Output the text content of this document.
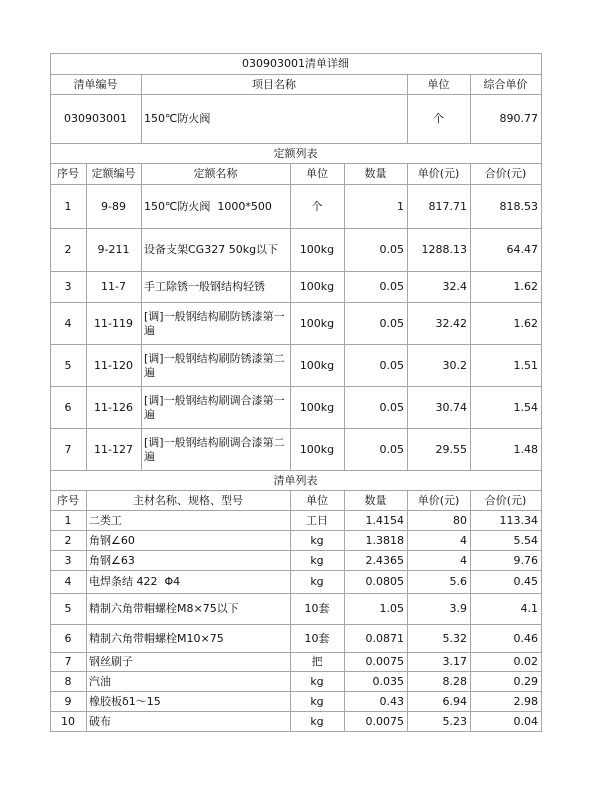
030903001清单详细						
清单编号		项目名称			单位	综合单价
030903001		150℃防火阀			个	890.77
定额列表						
序号	定额编号	定额名称	单位	数量	单价(元)	合价(元)
1	9-89	150℃防火阀  1000*500	个	1	817.71	818.53
2	9-211	设备支架CG327 50kg以下	100kg	0.05	1288.13	64.47
3	11-7	手工除锈一般钢结构轻锈	100kg	0.05	32.4	1.62
4	11-119	[调]一般钢结构刷防锈漆第一遍	100kg	0.05	32.42	1.62
5	11-120	[调]一般钢结构刷防锈漆第二遍	100kg	0.05	30.2	1.51
6	11-126	[调]一般钢结构刷调合漆第一遍	100kg	0.05	30.74	1.54
7	11-127	[调]一般钢结构刷调合漆第二遍	100kg	0.05	29.55	1.48
清单列表						
序号	主材名称、规格、型号		单位	数量	单价(元)	合价(元)
1	二类工		工日	1.4154	80	113.34
2	角钢∠60		kg	1.3818	4	5.54
3	角钢∠63		kg	2.4365	4	9.76
4	电焊条结 422  Φ4		kg	0.0805	5.6	0.45
5	精制六角带帽螺栓M8×75以下		10套	1.05	3.9	4.1
6	精制六角带帽螺栓M10×75		10套	0.0871	5.32	0.46
7	钢丝刷子		把	0.0075	3.17	0.02
8	汽油		kg	0.035	8.28	0.29
9	橡胶板δ1～15		kg	0.43	6.94	2.98
10	破布		kg	0.0075	5.23	0.04
